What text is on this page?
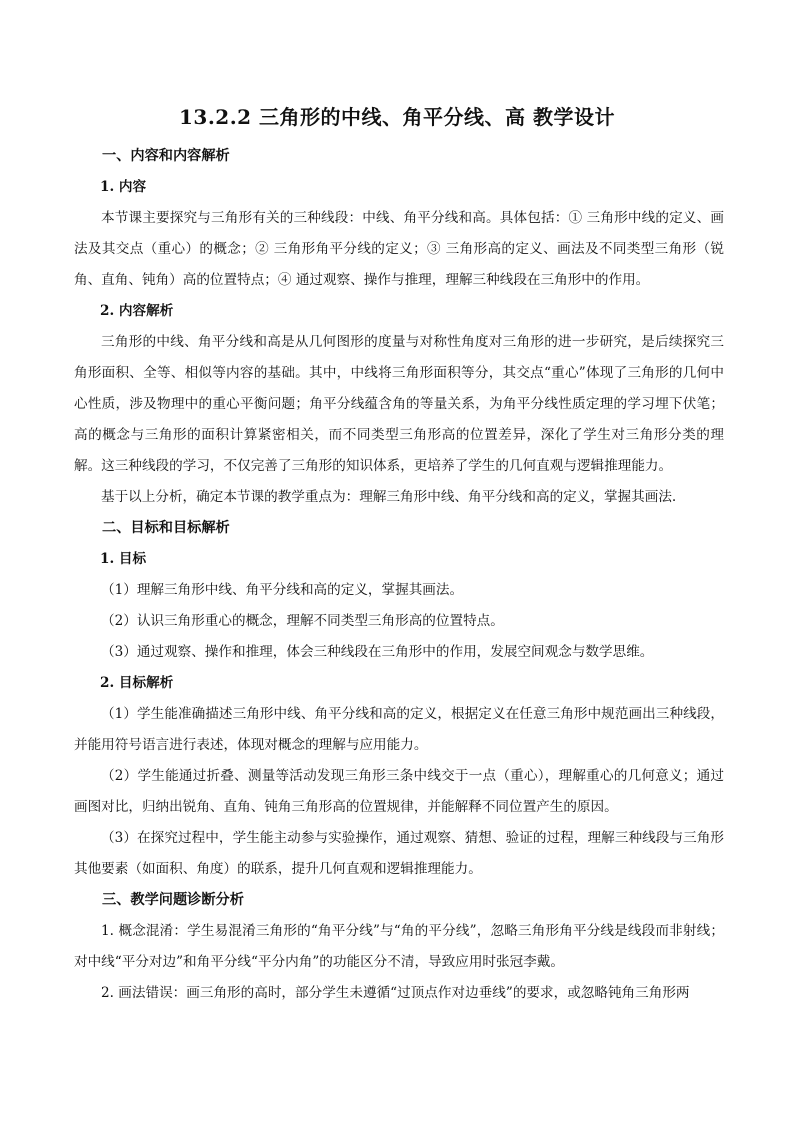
13.2.2 三角形的中线、角平分线、高 教学设计
一、内容和内容解析
1. 内容
本节课主要探究与三角形有关的三种线段：中线、角平分线和高。具体包括：① 三角形中线的定义、画法及其交点（重心）的概念；② 三角形角平分线的定义；③ 三角形高的定义、画法及不同类型三角形（锐角、直角、钝角）高的位置特点；④ 通过观察、操作与推理，理解三种线段在三角形中的作用。
2. 内容解析
三角形的中线、角平分线和高是从几何图形的度量与对称性角度对三角形的进一步研究，是后续探究三角形面积、全等、相似等内容的基础。其中，中线将三角形面积等分，其交点“重心”体现了三角形的几何中心性质，涉及物理中的重心平衡问题；角平分线蕴含角的等量关系，为角平分线性质定理的学习埋下伏笔；高的概念与三角形的面积计算紧密相关，而不同类型三角形高的位置差异，深化了学生对三角形分类的理解。这三种线段的学习，不仅完善了三角形的知识体系，更培养了学生的几何直观与逻辑推理能力。
基于以上分析，确定本节课的教学重点为：理解三角形中线、角平分线和高的定义，掌握其画法.
二、目标和目标解析
1. 目标
（1）理解三角形中线、角平分线和高的定义，掌握其画法。
（2）认识三角形重心的概念，理解不同类型三角形高的位置特点。
（3）通过观察、操作和推理，体会三种线段在三角形中的作用，发展空间观念与数学思维。
2. 目标解析
（1）学生能准确描述三角形中线、角平分线和高的定义，根据定义在任意三角形中规范画出三种线段，并能用符号语言进行表述，体现对概念的理解与应用能力。
（2）学生能通过折叠、测量等活动发现三角形三条中线交于一点（重心），理解重心的几何意义；通过画图对比，归纳出锐角、直角、钝角三角形高的位置规律，并能解释不同位置产生的原因。
（3）在探究过程中，学生能主动参与实验操作，通过观察、猜想、验证的过程，理解三种线段与三角形其他要素（如面积、角度）的联系，提升几何直观和逻辑推理能力。
三、教学问题诊断分析
1. 概念混淆：学生易混淆三角形的“角平分线”与“角的平分线”，忽略三角形角平分线是线段而非射线；对中线“平分对边”和角平分线“平分内角”的功能区分不清，导致应用时张冠李戴。
2. 画法错误：画三角形的高时，部分学生未遵循“过顶点作对边垂线”的要求，或忽略钝角三角形两
